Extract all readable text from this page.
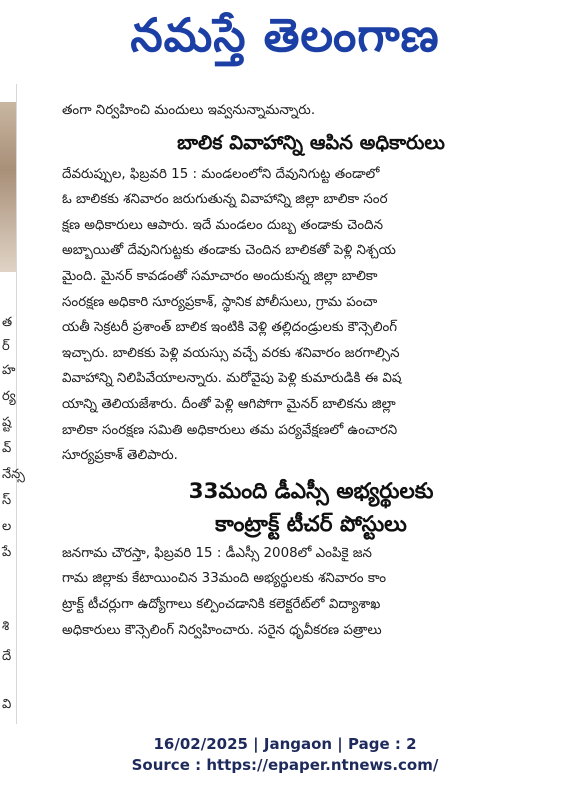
నమస్తే తెలంగాణ
త
ర్
హ
ర్య
ష్ట
వ్
నేన్స
స్
ల
పే
శి
దే
వి

తంగా నిర్వహించి మందులు ఇవ్వనున్నామన్నారు.
బాలిక వివాహాన్ని ఆపిన అధికారులు
దేవరుప్పుల, ఫిబ్రవరి 15 : మండలంలోని దేవునిగుట్ట తండాలో
ఓ బాలికకు శనివారం జరుగుతున్న వివాహాన్ని జిల్లా బాలికా సంర
క్షణ అధికారులు ఆపారు. ఇదే మండలం దుబ్బ తండాకు చెందిన
అబ్బాయితో దేవునిగుట్టకు తండాకు చెందిన బాలికతో పెళ్లి నిశ్చయ
మైంది. మైనర్ కావడంతో సమాచారం అందుకున్న జిల్లా బాలికా
సంరక్షణ అధికారి సూర్యప్రకాశ్, స్థానిక పోలీసులు, గ్రామ పంచా
యతీ సెక్రటరీ ప్రశాంత్ బాలిక ఇంటికి వెళ్లి తల్లిదండ్రులకు కౌన్సెలింగ్
ఇచ్చారు. బాలికకు పెళ్లి వయస్సు వచ్చే వరకు శనివారం జరగాల్సిన
వివాహాన్ని నిలిపివేయాలన్నారు. మరోవైపు పెళ్లి కుమారుడికి ఈ విష
యాన్ని తెలియజేశారు. దీంతో పెళ్లి ఆగిపోగా మైనర్ బాలికను జిల్లా
బాలికా సంరక్షణ సమితి అధికారులు తమ పర్యవేక్షణలో ఉంచారని
సూర్యప్రకాశ్ తెలిపారు.
33మంది డీఎస్సీ అభ్యర్థులకు
కాంట్రాక్ట్ టీచర్ పోస్టులు
జనగామ చౌరస్తా, ఫిబ్రవరి 15 : డీఎస్సీ 2008లో ఎంపికై జన
గామ జిల్లాకు కేటాయించిన 33మంది అభ్యర్థులకు శనివారం కాం
ట్రాక్ట్ టీచర్లుగా ఉద్యోగాలు కల్పించడానికి కలెక్టరేట్‌లో విద్యాశాఖ
అధికారులు కౌన్సెలింగ్ నిర్వహించారు. సరైన ధృవీకరణ పత్రాలు
16/02/2025 | Jangaon | Page : 2
Source : https://epaper.ntnews.com/
